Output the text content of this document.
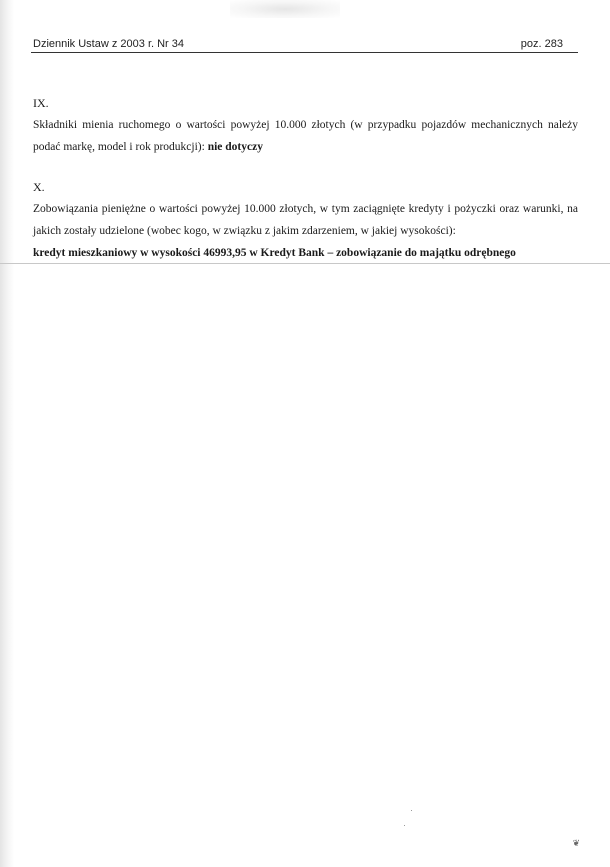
Dziennik Ustaw z 2003 r. Nr 34	poz. 283
IX.
Składniki mienia ruchomego o wartości powyżej 10.000 złotych (w przypadku pojazdów mechanicznych należy podać markę, model i rok produkcji): nie dotyczy
X.
Zobowiązania pieniężne o wartości powyżej 10.000 złotych, w tym zaciągnięte kredyty i pożyczki oraz warunki, na jakich zostały udzielone (wobec kogo, w związku z jakim zdarzeniem, w jakiej wysokości):
kredyt mieszkaniowy w wysokości 46993,95 w Kredyt Bank – zobowiązanie do majątku odrębnego
❦
